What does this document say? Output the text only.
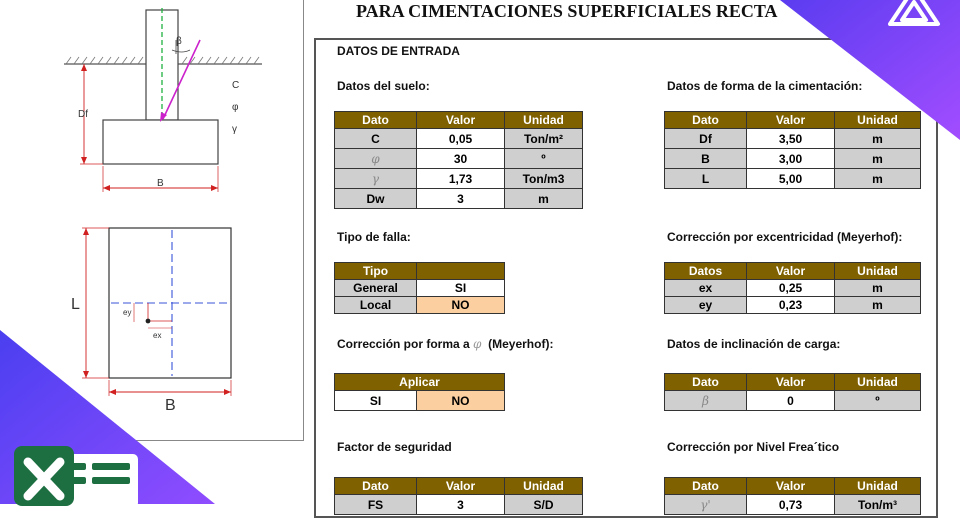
β
Df
B
C
φ
γ
L	ey
ex
B
PARA CIMENTACIONES SUPERFICIALES RECTA
DATOS DE ENTRADA
Datos del suelo:
Dato	Valor	Unidad
C	0,05	Ton/m²
φ	30	º
γ	1,73	Ton/m3
Dw	3	m
Datos de forma de la cimentación:
Dato	Valor	Unidad
Df	3,50	m
B	3,00	m
L	5,00	m
Tipo de falla:
Tipo	
General	SI
Local	NO
Corrección por excentricidad (Meyerhof):
Datos	Valor	Unidad
ex	0,25	m
ey	0,23	m
Corrección por forma a φ (Meyerhof):
Aplicar
SI	NO
Datos de inclinación de carga:
Dato	Valor	Unidad
β	0	º
Factor de seguridad
Dato	Valor	Unidad
FS	3	S/D
Corrección por Nivel Frea´tico
Dato	Valor	Unidad
γ'	0,73	Ton/m³
